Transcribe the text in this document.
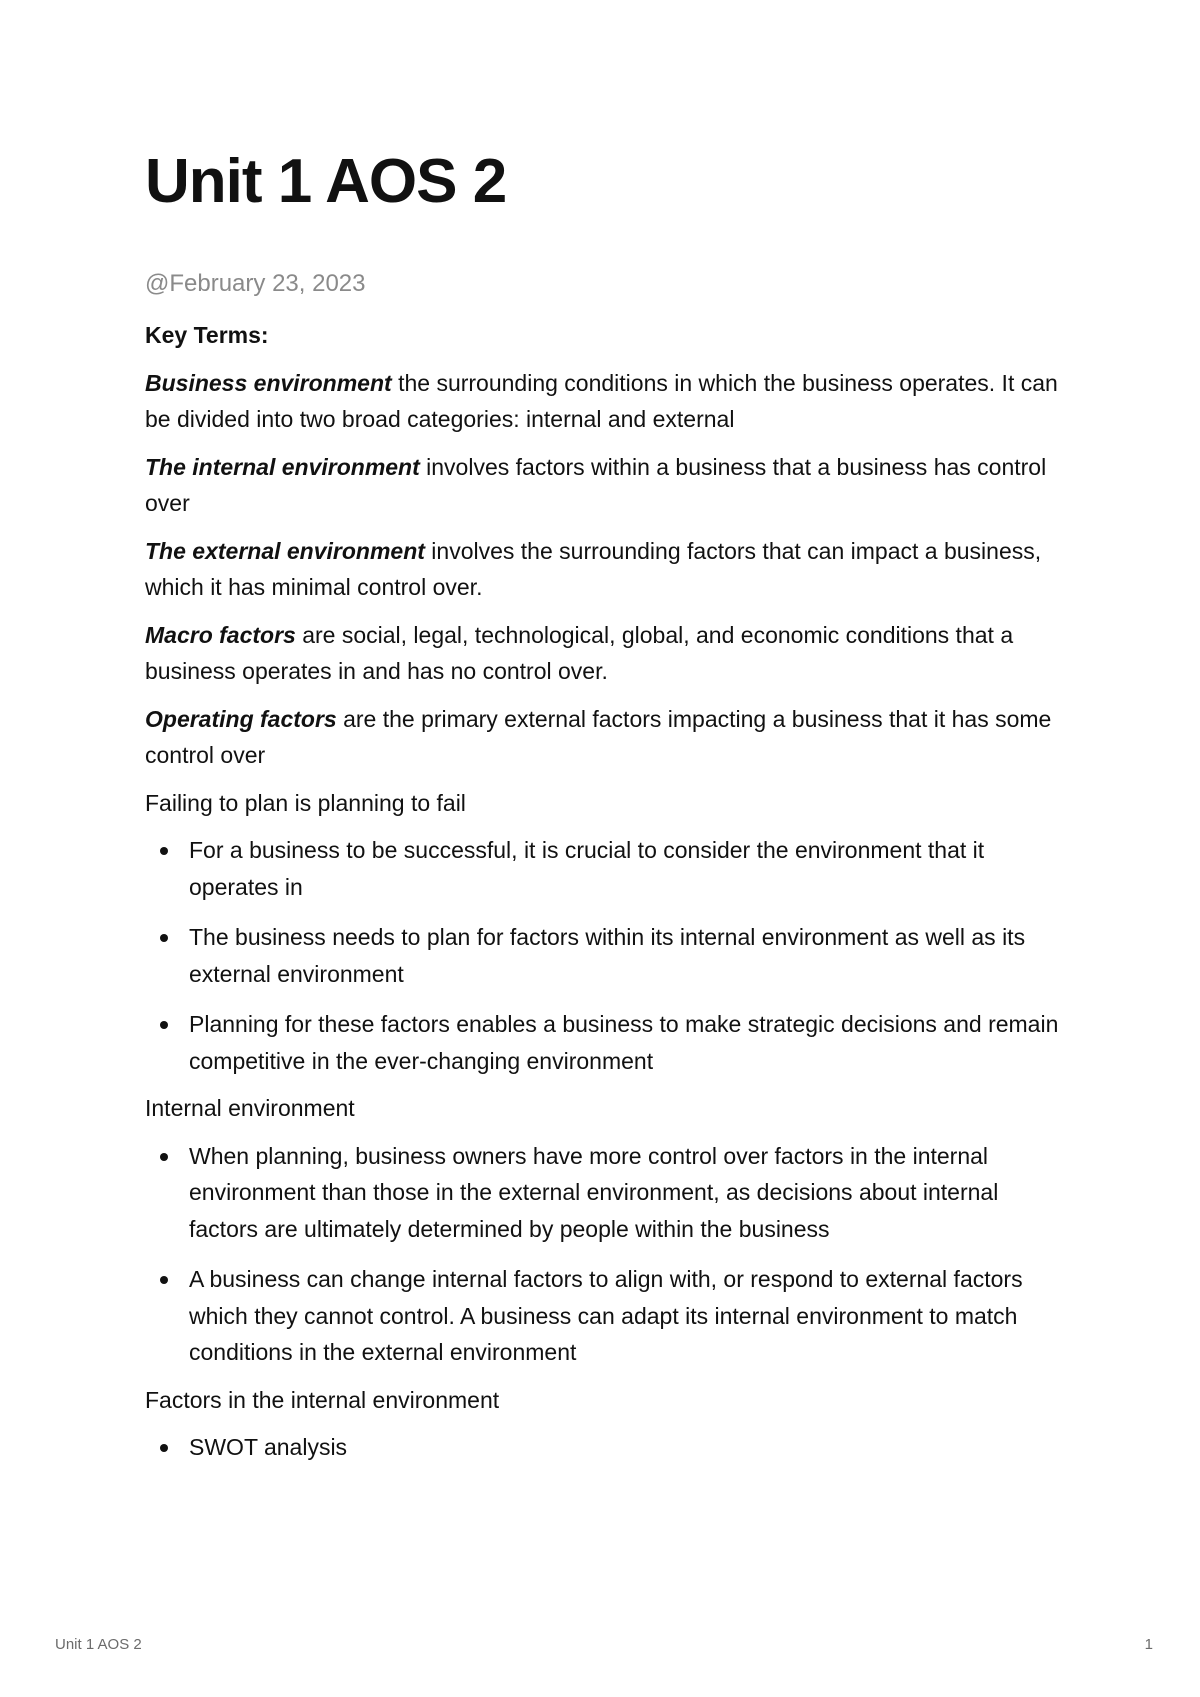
Unit 1 AOS 2
@February 23, 2023

Key Terms:

Business environment the surrounding conditions in which the business operates. It can be divided into two broad categories: internal and external

The internal environment involves factors within a business that a business has control over

The external environment involves the surrounding factors that can impact a business, which it has minimal control over.

Macro factors are social, legal, technological, global, and economic conditions that a business operates in and has no control over.

Operating factors are the primary external factors impacting a business that it has some control over

Failing to plan is planning to fail

For a business to be successful, it is crucial to consider the environment that it operates in
The business needs to plan for factors within its internal environment as well as its external environment
Planning for these factors enables a business to make strategic decisions and remain competitive in the ever-changing environment

Internal environment

When planning, business owners have more control over factors in the internal environment than those in the external environment, as decisions about internal factors are ultimately determined by people within the business
A business can change internal factors to align with, or respond to external factors which they cannot control. A business can adapt its internal environment to match conditions in the external environment

Factors in the internal environment

SWOT analysis
Unit 1 AOS 2	1
